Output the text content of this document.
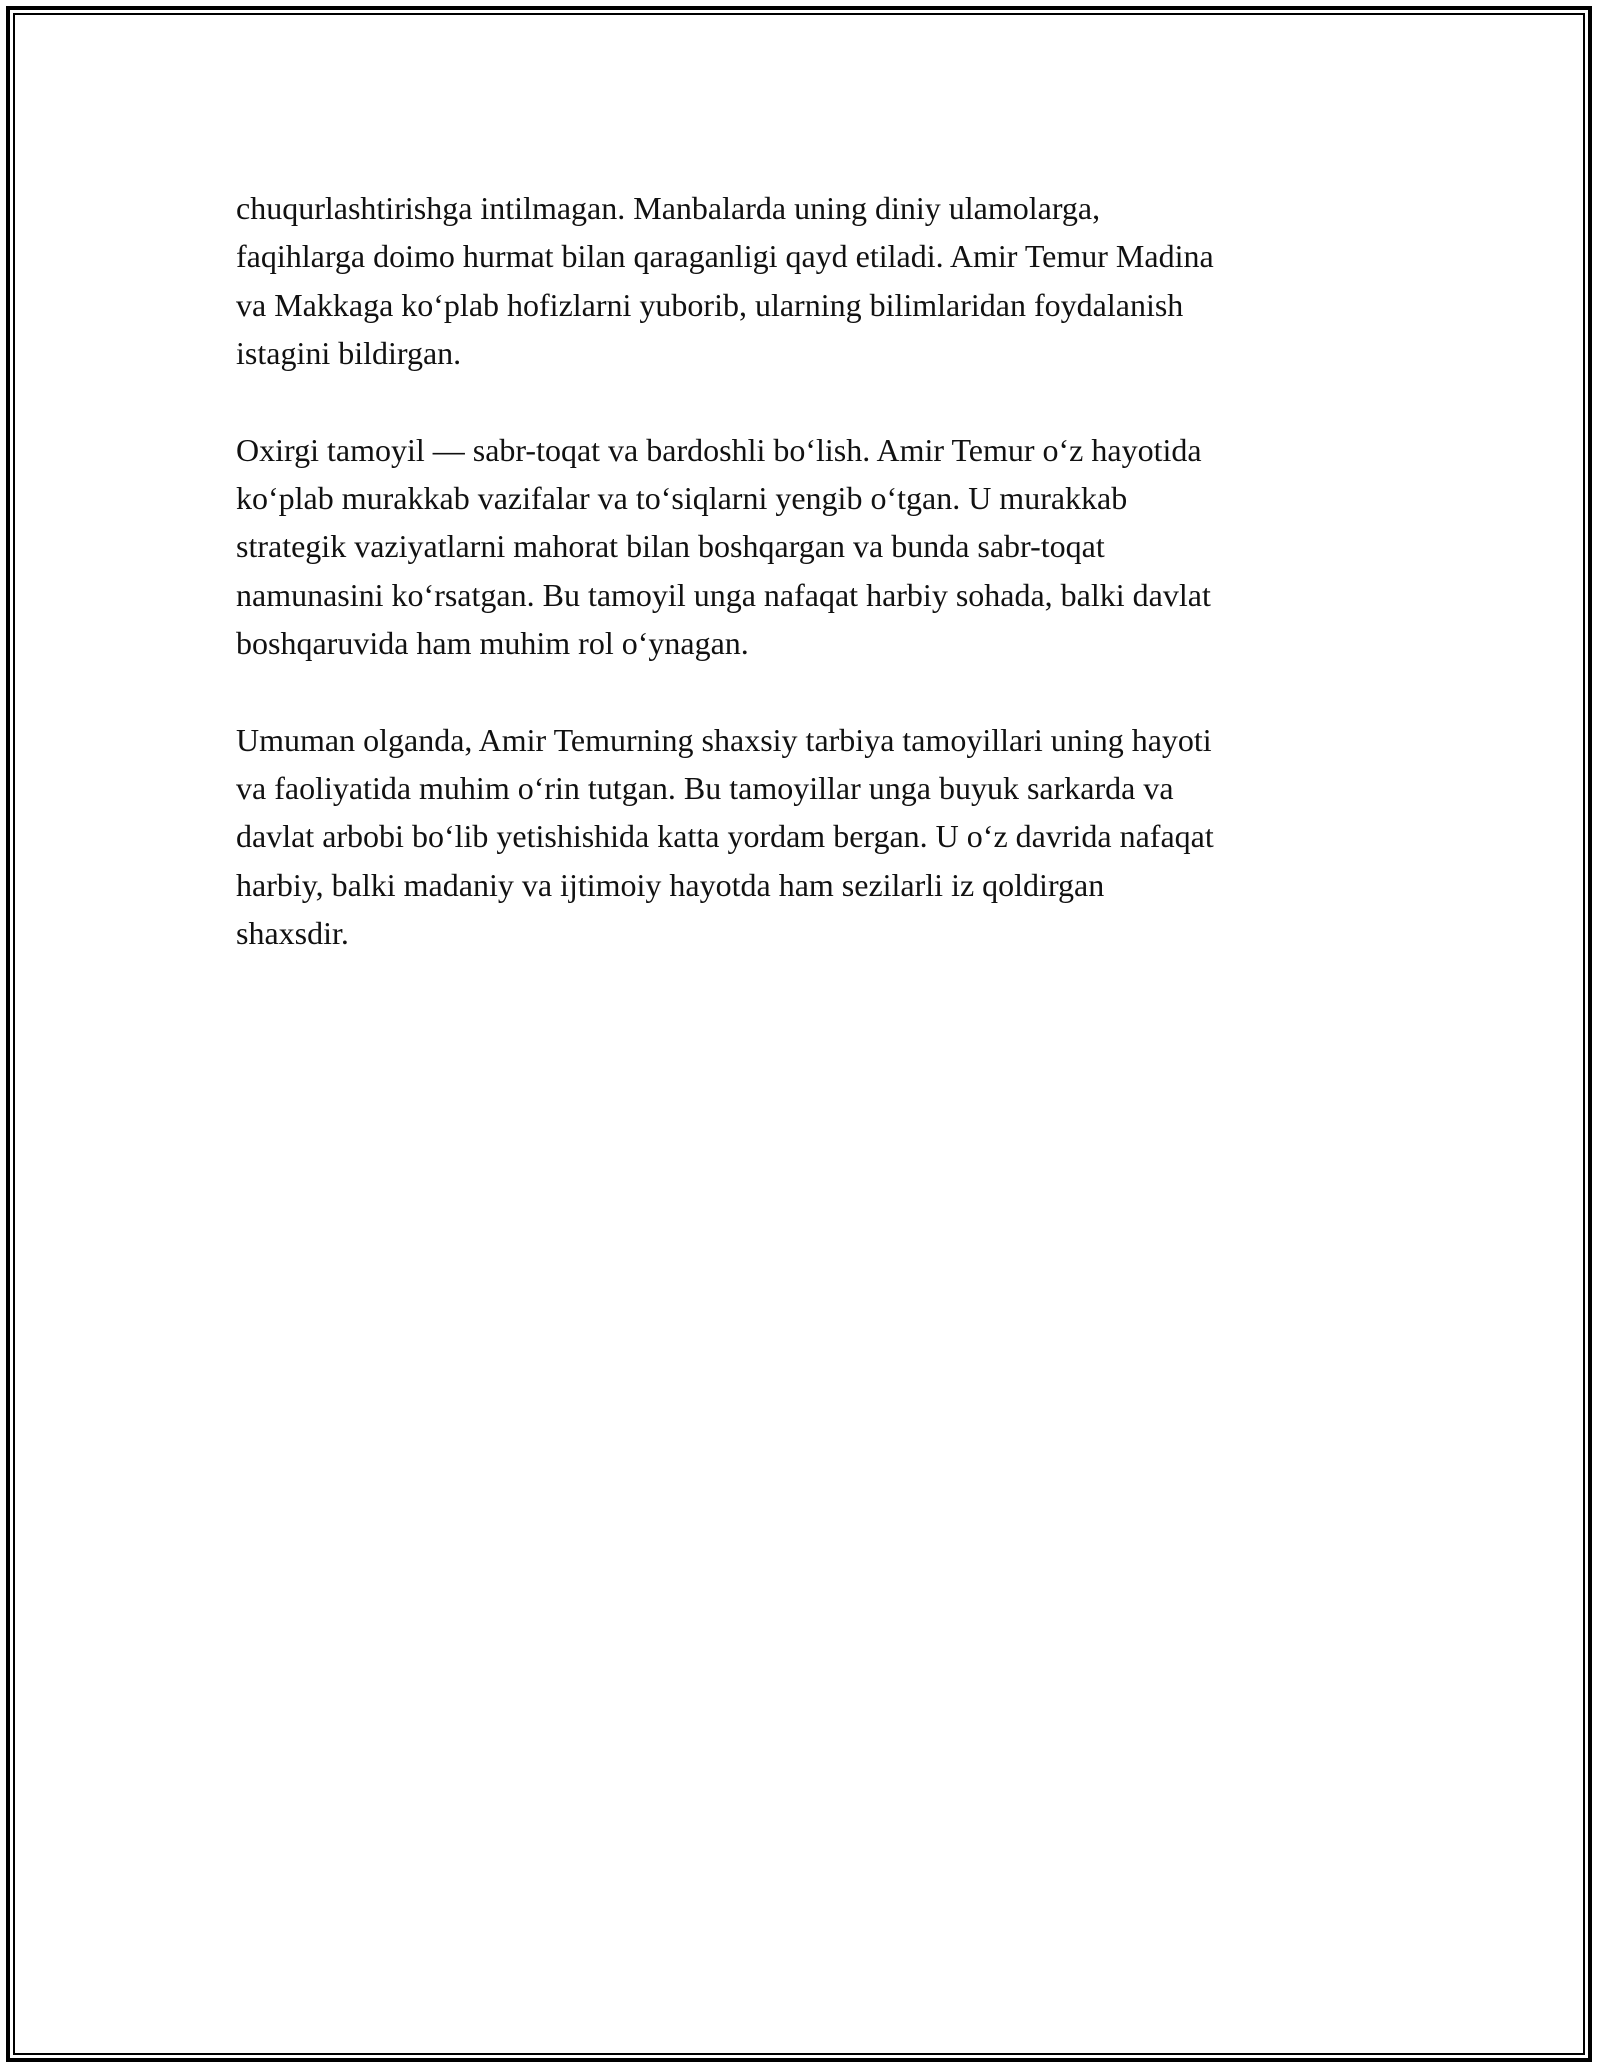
chuqurlashtirishga intilmagan. Manbalarda uning diniy ulamolarga,
faqihlarga doimo hurmat bilan qaraganligi qayd etiladi. Amir Temur Madina
va Makkaga ko‘plab hofizlarni yuborib, ularning bilimlaridan foydalanish
istagini bildirgan.

Oxirgi tamoyil — sabr-toqat va bardoshli bo‘lish. Amir Temur o‘z hayotida
ko‘plab murakkab vazifalar va to‘siqlarni yengib o‘tgan. U murakkab
strategik vaziyatlarni mahorat bilan boshqargan va bunda sabr-toqat
namunasini ko‘rsatgan. Bu tamoyil unga nafaqat harbiy sohada, balki davlat
boshqaruvida ham muhim rol o‘ynagan.

Umuman olganda, Amir Temurning shaxsiy tarbiya tamoyillari uning hayoti
va faoliyatida muhim o‘rin tutgan. Bu tamoyillar unga buyuk sarkarda va
davlat arbobi bo‘lib yetishishida katta yordam bergan. U o‘z davrida nafaqat
harbiy, balki madaniy va ijtimoiy hayotda ham sezilarli iz qoldirgan
shaxsdir.
